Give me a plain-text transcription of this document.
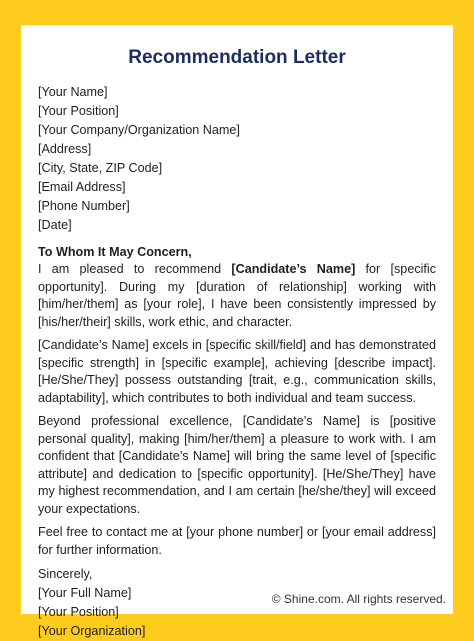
Recommendation Letter
[Your Name]
[Your Position]
[Your Company/Organization Name]
[Address]
[City, State, ZIP Code]
[Email Address]
[Phone Number]
[Date]
To Whom It May Concern,

I am pleased to recommend [Candidate’s Name] for [specific opportunity]. During my [duration of relationship] working with [him/her/them] as [your role], I have been consistently impressed by [his/her/their] skills, work ethic, and character.

[Candidate’s Name] excels in [specific skill/field] and has demonstrated [specific strength] in [specific example], achieving [describe impact]. [He/She/They] possess outstanding [trait, e.g., communication skills, adaptability], which contributes to both individual and team success.

Beyond professional excellence, [Candidate’s Name] is [positive personal quality], making [him/her/them] a pleasure to work with. I am confident that [Candidate’s Name] will bring the same level of [specific attribute] and dedication to [specific opportunity]. [He/She/They] have my highest recommendation, and I am certain [he/she/they] will exceed your expectations.

Feel free to contact me at [your phone number] or [your email address] for further information.

Sincerely,
[Your Full Name]
[Your Position]
[Your Organization]
© Shine.com. All rights reserved.
